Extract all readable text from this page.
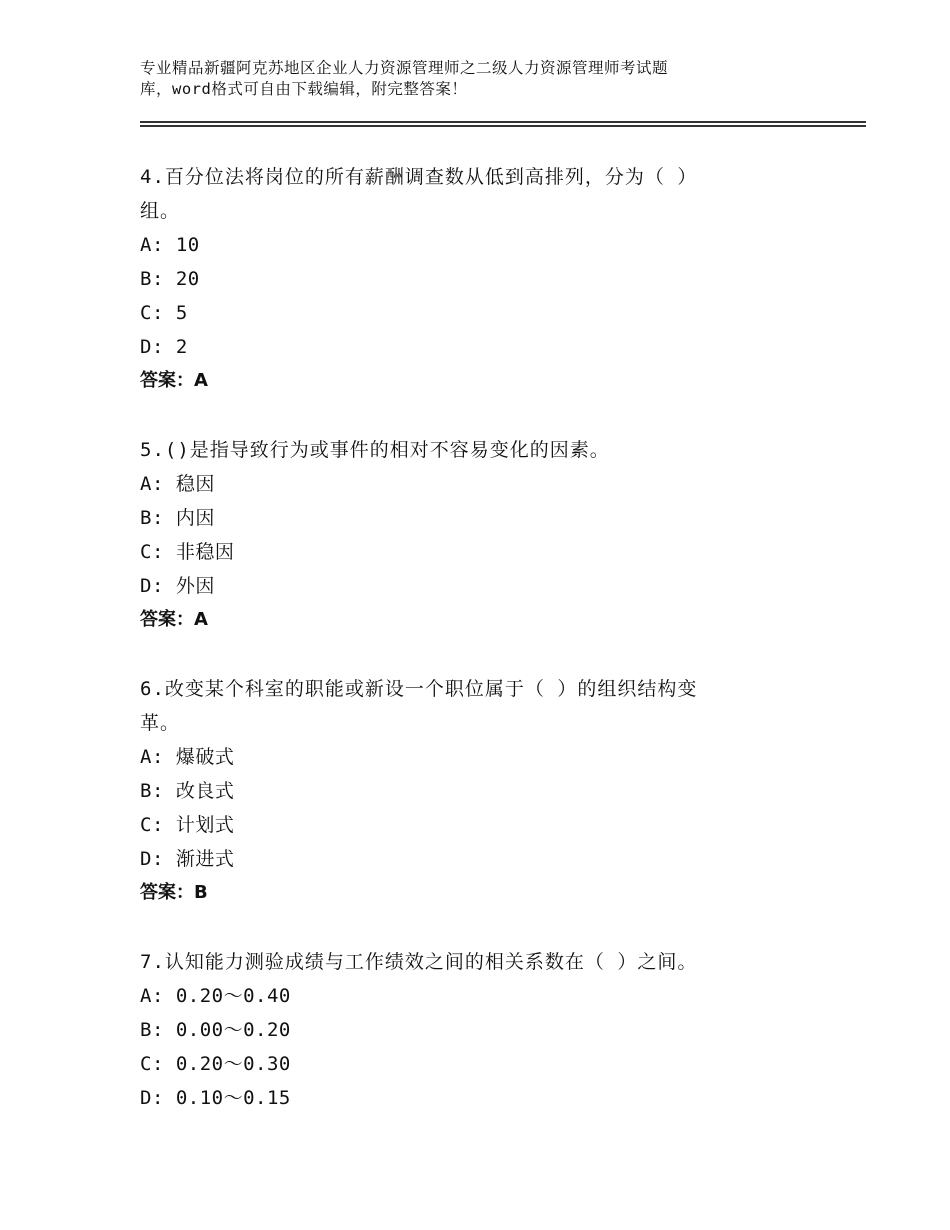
专业精品新疆阿克苏地区企业人力资源管理师之二级人力资源管理师考试题
库，word格式可自由下载编辑，附完整答案！
4.百分位法将岗位的所有薪酬调查数从低到高排列，分为（ ）
组。
A: 10
B: 20
C: 5
D: 2
答案：A
5.()是指导致行为或事件的相对不容易变化的因素。
A: 稳因
B: 内因
C: 非稳因
D: 外因
答案：A
6.改变某个科室的职能或新设一个职位属于（ ）的组织结构变
革。
A: 爆破式
B: 改良式
C: 计划式
D: 渐进式
答案：B
7.认知能力测验成绩与工作绩效之间的相关系数在（ ）之间。
A: 0.20～0.40
B: 0.00～0.20
C: 0.20～0.30
D: 0.10～0.15
